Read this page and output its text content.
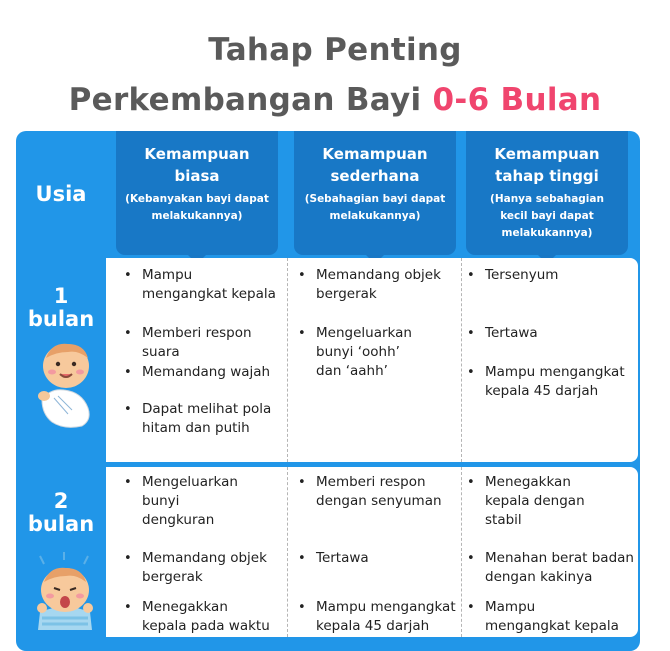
Tahap Penting
Perkembangan Bayi 0-6 Bulan
Usia
Kemampuan
biasa
(Kebanyakan bayi dapat
melakukannya)
Kemampuan
sederhana
(Sebahagian bayi dapat
melakukannya)
Kemampuan
tahap tinggi
(Hanya sebahagian
kecil bayi dapat
melakukannya)
1
bulan
2
bulan
• Mampu
mengangkat kepala
• Memberi respon
suara
• Memandang wajah
• Dapat melihat pola
hitam dan putih
• Memandang objek
bergerak
• Mengeluarkan
bunyi ‘oohh’
dan ‘aahh’
• Tersenyum
• Tertawa
• Mampu mengangkat
kepala 45 darjah
• Mengeluarkan
bunyi
dengkuran
• Memandang objek
bergerak
• Menegakkan
kepala pada waktu
• Memberi respon
dengan senyuman
• Tertawa
• Mampu mengangkat
kepala 45 darjah
• Menegakkan
kepala dengan
stabil
• Menahan berat badan
dengan kakinya
• Mampu
mengangkat kepala
